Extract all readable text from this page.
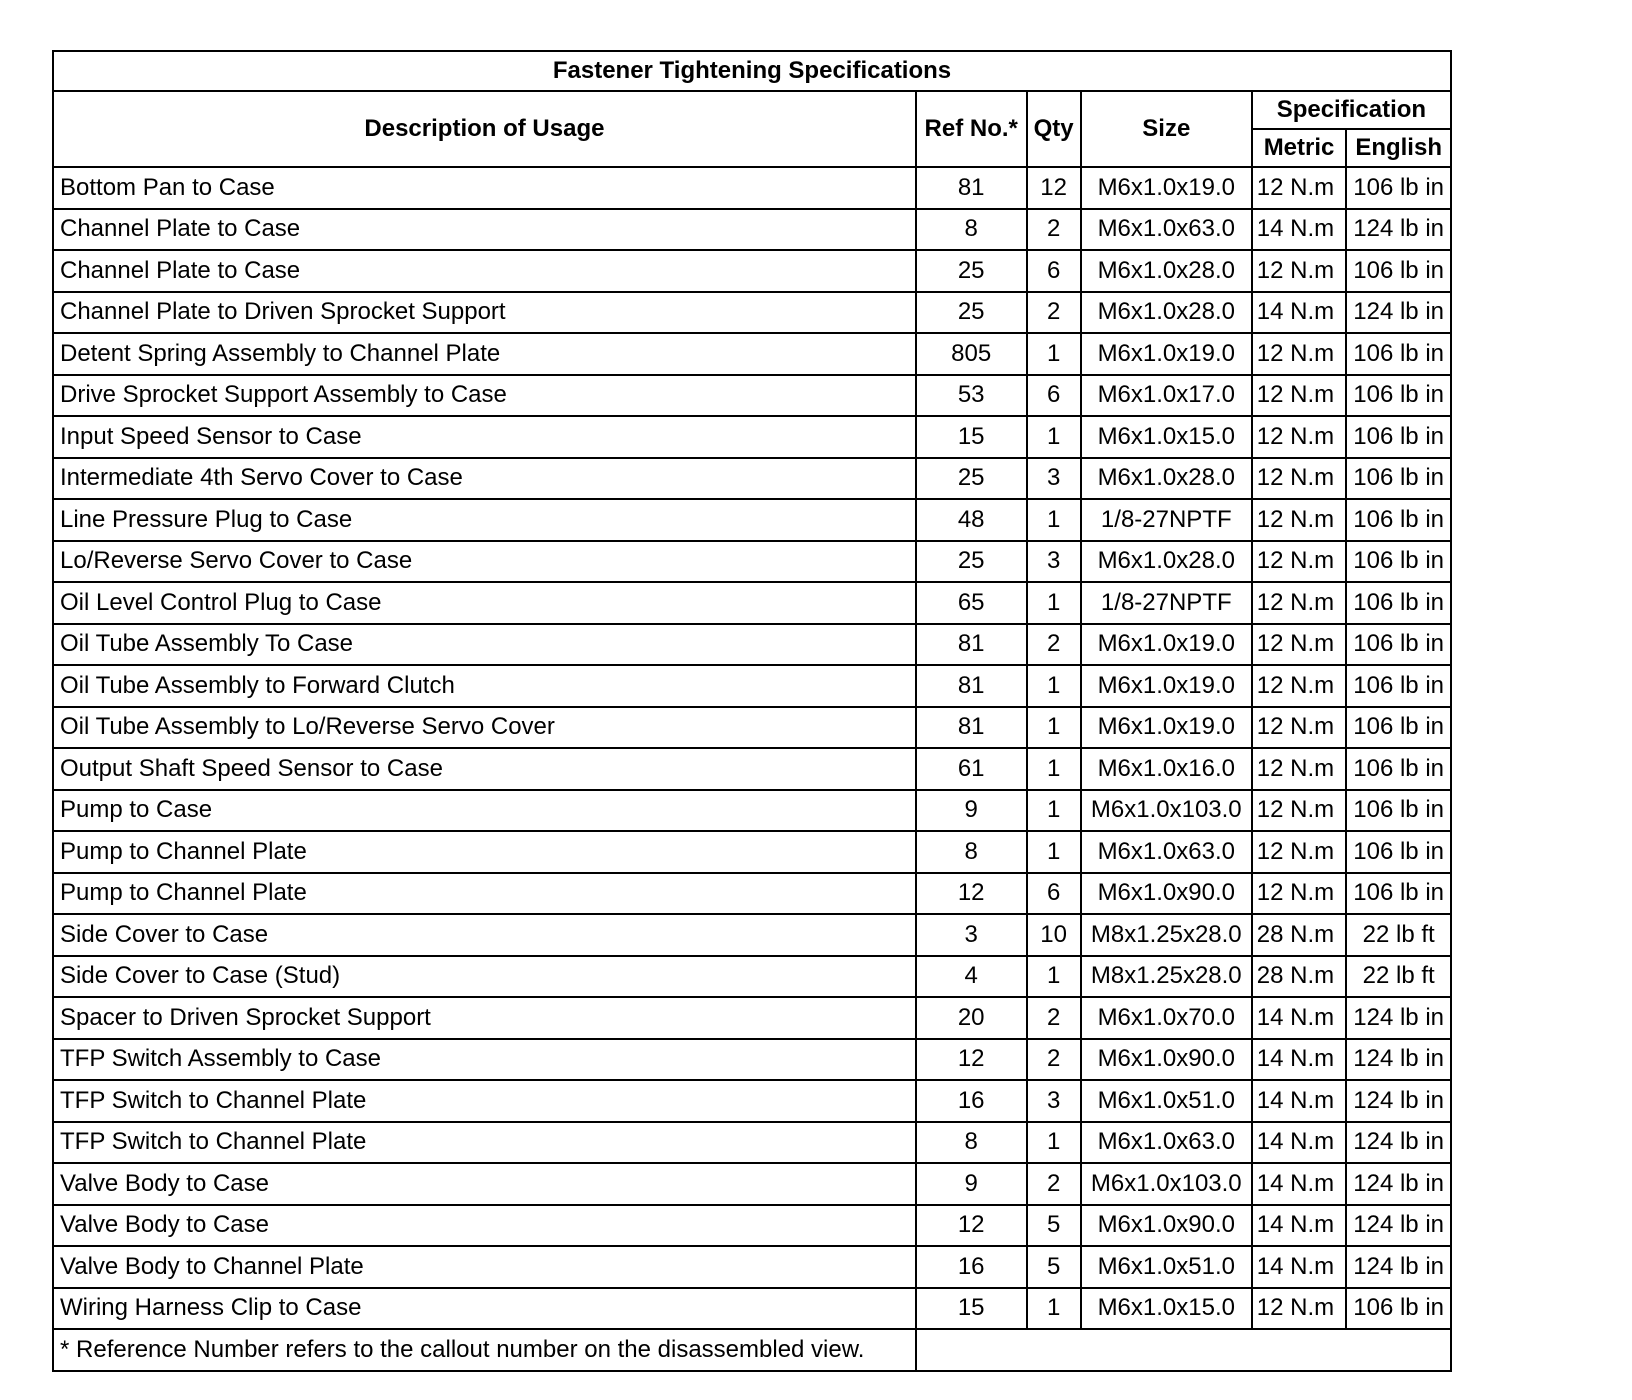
Fastener Tightening Specifications					
Description of Usage	Ref No.*	Qty	Size	Specification	
				Metric	English
Bottom Pan to Case	81	12	M6x1.0x19.0	12 N.m	106 lb in
Channel Plate to Case	8	2	M6x1.0x63.0	14 N.m	124 lb in
Channel Plate to Case	25	6	M6x1.0x28.0	12 N.m	106 lb in
Channel Plate to Driven Sprocket Support	25	2	M6x1.0x28.0	14 N.m	124 lb in
Detent Spring Assembly to Channel Plate	805	1	M6x1.0x19.0	12 N.m	106 lb in
Drive Sprocket Support Assembly to Case	53	6	M6x1.0x17.0	12 N.m	106 lb in
Input Speed Sensor to Case	15	1	M6x1.0x15.0	12 N.m	106 lb in
Intermediate 4th Servo Cover to Case	25	3	M6x1.0x28.0	12 N.m	106 lb in
Line Pressure Plug to Case	48	1	1/8-27NPTF	12 N.m	106 lb in
Lo/Reverse Servo Cover to Case	25	3	M6x1.0x28.0	12 N.m	106 lb in
Oil Level Control Plug to Case	65	1	1/8-27NPTF	12 N.m	106 lb in
Oil Tube Assembly To Case	81	2	M6x1.0x19.0	12 N.m	106 lb in
Oil Tube Assembly to Forward Clutch	81	1	M6x1.0x19.0	12 N.m	106 lb in
Oil Tube Assembly to Lo/Reverse Servo Cover	81	1	M6x1.0x19.0	12 N.m	106 lb in
Output Shaft Speed Sensor to Case	61	1	M6x1.0x16.0	12 N.m	106 lb in
Pump to Case	9	1	M6x1.0x103.0	12 N.m	106 lb in
Pump to Channel Plate	8	1	M6x1.0x63.0	12 N.m	106 lb in
Pump to Channel Plate	12	6	M6x1.0x90.0	12 N.m	106 lb in
Side Cover to Case	3	10	M8x1.25x28.0	28 N.m	22 lb ft
Side Cover to Case (Stud)	4	1	M8x1.25x28.0	28 N.m	22 lb ft
Spacer to Driven Sprocket Support	20	2	M6x1.0x70.0	14 N.m	124 lb in
TFP Switch Assembly to Case	12	2	M6x1.0x90.0	14 N.m	124 lb in
TFP Switch to Channel Plate	16	3	M6x1.0x51.0	14 N.m	124 lb in
TFP Switch to Channel Plate	8	1	M6x1.0x63.0	14 N.m	124 lb in
Valve Body to Case	9	2	M6x1.0x103.0	14 N.m	124 lb in
Valve Body to Case	12	5	M6x1.0x90.0	14 N.m	124 lb in
Valve Body to Channel Plate	16	5	M6x1.0x51.0	14 N.m	124 lb in
Wiring Harness Clip to Case	15	1	M6x1.0x15.0	12 N.m	106 lb in
* Reference Number refers to the callout number on the disassembled view.					
